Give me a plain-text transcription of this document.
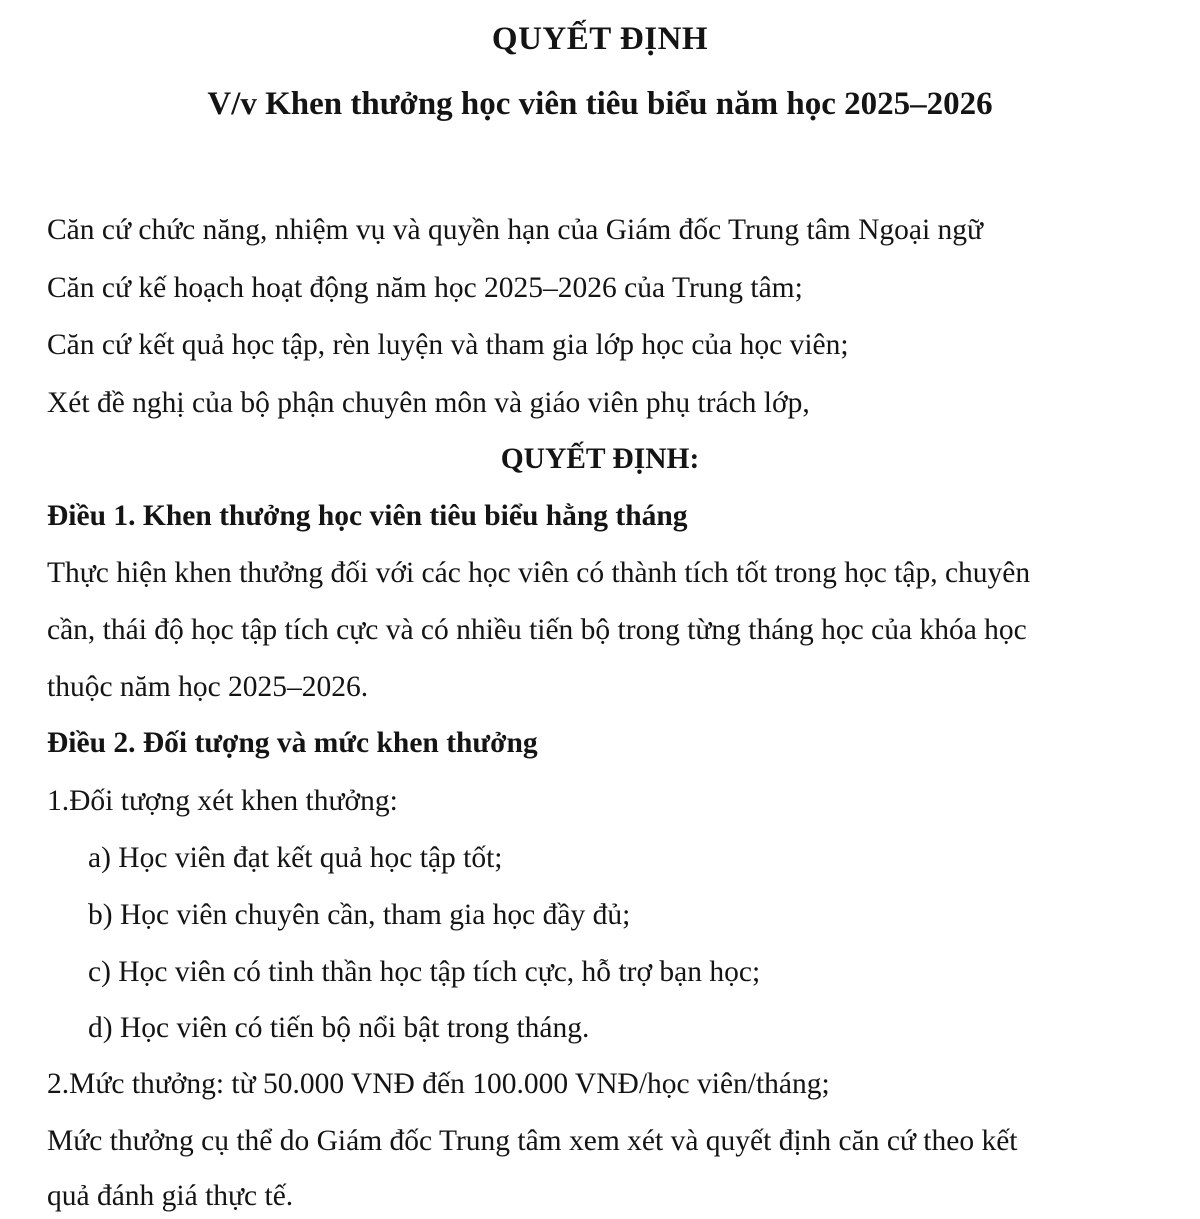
QUYẾT ĐỊNH
V/v Khen thưởng học viên tiêu biểu năm học 2025–2026
Căn cứ chức năng, nhiệm vụ và quyền hạn của Giám đốc Trung tâm Ngoại ngữ
Căn cứ kế hoạch hoạt động năm học 2025–2026 của Trung tâm;
Căn cứ kết quả học tập, rèn luyện và tham gia lớp học của học viên;
Xét đề nghị của bộ phận chuyên môn và giáo viên phụ trách lớp,
QUYẾT ĐỊNH:
Điều 1. Khen thưởng học viên tiêu biểu hằng tháng
Thực hiện khen thưởng đối với các học viên có thành tích tốt trong học tập, chuyên
cần, thái độ học tập tích cực và có nhiều tiến bộ trong từng tháng học của khóa học
thuộc năm học 2025–2026.
Điều 2. Đối tượng và mức khen thưởng
1.Đối tượng xét khen thưởng:
a) Học viên đạt kết quả học tập tốt;
b) Học viên chuyên cần, tham gia học đầy đủ;
c) Học viên có tinh thần học tập tích cực, hỗ trợ bạn học;
d) Học viên có tiến bộ nổi bật trong tháng.
2.Mức thưởng: từ 50.000 VNĐ đến 100.000 VNĐ/học viên/tháng;
Mức thưởng cụ thể do Giám đốc Trung tâm xem xét và quyết định căn cứ theo kết
quả đánh giá thực tế.
